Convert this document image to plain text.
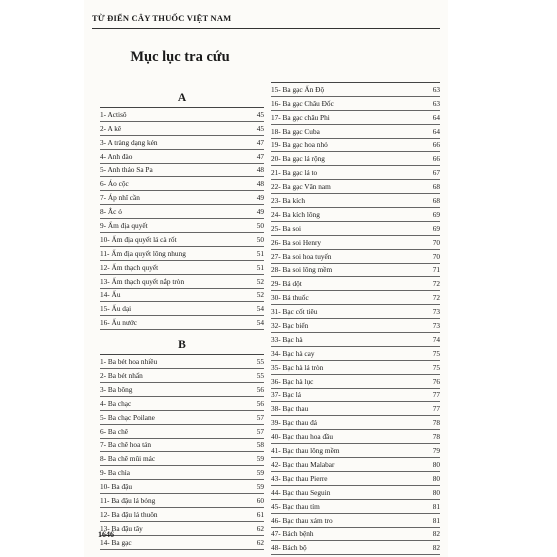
TỪ ĐIỂN CÂY THUỐC VIỆT NAM
Mục lục tra cứu
A
1- Actisô	45
2- A kê	45
3- A tràng dạng kén	47
4- Anh đào	47
5- Anh thảo Sa Pa	48
6- Áo cộc	48
7- Áp nhĩ cần	49
8- Ắc ó	49
9- Ấm địa quyết	50
10- Ấm địa quyết lá cà rốt	50
11- Ấm địa quyết lông nhung	51
12- Ấm thạch quyết	51
13- Ấm thạch quyết nắp tròn	52
14- Ấu	52
15- Ấu dại	54
16- Ấu nước	54
B
1- Ba bét hoa nhiều	55
2- Ba bét nhấn	55
3- Ba bông	56
4- Ba chạc	56
5- Ba chạc Poilane	57
6- Ba chẽ	57
7- Ba chẽ hoa tán	58
8- Ba chẽ mũi mác	59
9- Ba chìa	59
10- Ba đậu	59
11- Ba đậu lá bóng	60
12- Ba đậu lá thuôn	61
13- Ba đậu tây	62
14- Ba gạc	62
15- Ba gạc Ấn Độ	63
16- Ba gạc Châu Đốc	63
17- Ba gạc châu Phi	64
18- Ba gạc Cuba	64
19- Ba gạc hoa nhỏ	66
20- Ba gạc lá rộng	66
21- Ba gạc lá to	67
22- Ba gạc Vân nam	68
23- Ba kích	68
24- Ba kích lông	69
25- Ba soi	69
26- Ba soi Henry	70
27- Ba soi hoa tuyến	70
28- Ba soi lông mềm	71
29- Bá dột	72
30- Bá thuốc	72
31- Bạc cốt tiêu	73
32- Bạc biển	73
33- Bạc hà	74
34- Bạc hà cay	75
35- Bạc hà lá tròn	75
36- Bạc hà lục	76
37- Bạc lá	77
38- Bạc thau	77
39- Bạc thau đá	78
40- Bạc thau hoa đầu	78
41- Bạc thau lông mềm	79
42- Bạc thau Malabar	80
43- Bạc thau Pierre	80
44- Bạc thau Seguin	80
45- Bạc thau tím	81
46- Bạc thau xám tro	81
47- Bách bệnh	82
48- Bách bộ	82
1646
